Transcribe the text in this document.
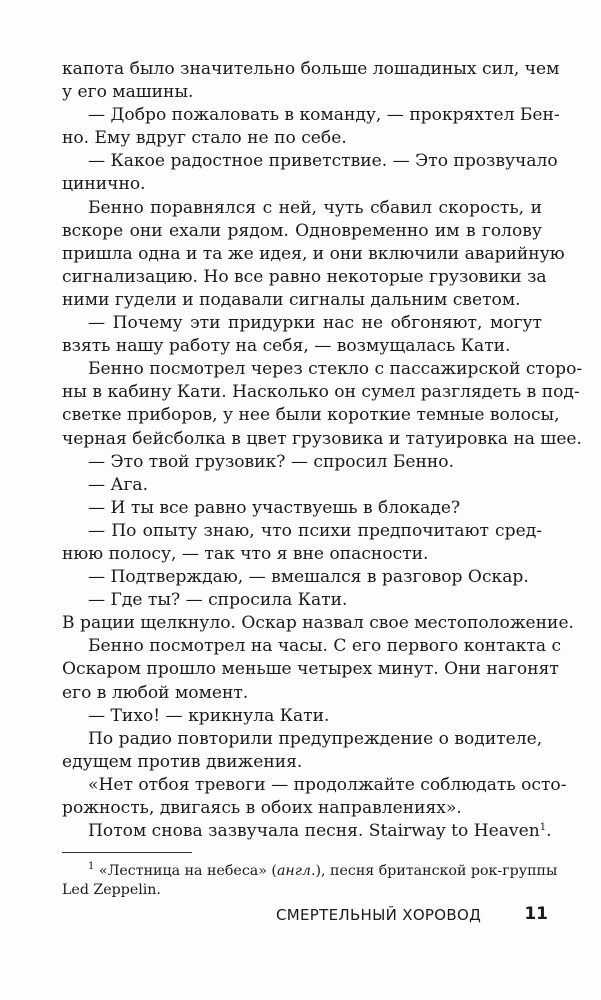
капота было значительно больше лошадиных сил, чем
у его машины.
— Добро пожаловать в команду, — прокряхтел Бен-
но. Ему вдруг стало не по себе.
— Какое радостное приветствие. — Это прозвучало
цинично.
Бенно поравнялся с ней, чуть сбавил скорость, и
вскоре они ехали рядом. Одновременно им в голову
пришла одна и та же идея, и они включили аварийную
сигнализацию. Но все равно некоторые грузовики за
ними гудели и подавали сигналы дальним светом.
— Почему эти придурки нас не обгоняют, могут
взять нашу работу на себя, — возмущалась Кати.
Бенно посмотрел через стекло с пассажирской сторо-
ны в кабину Кати. Насколько он сумел разглядеть в под-
светке приборов, у нее были короткие темные волосы,
черная бейсболка в цвет грузовика и татуировка на шее.
— Это твой грузовик? — спросил Бенно.
— Ага.
— И ты все равно участвуешь в блокаде?
— По опыту знаю, что психи предпочитают сред-
нюю полосу, — так что я вне опасности.
— Подтверждаю, — вмешался в разговор Оскар.
— Где ты? — спросила Кати.
В рации щелкнуло. Оскар назвал свое местоположение.
Бенно посмотрел на часы. С его первого контакта с
Оскаром прошло меньше четырех минут. Они нагонят
его в любой момент.
— Тихо! — крикнула Кати.
По радио повторили предупреждение о водителе,
едущем против движения.
«Нет отбоя тревоги — продолжайте соблюдать осто-
рожность, двигаясь в обоих направлениях».
Потом снова зазвучала песня. Stairway to Heaven$^1$.
$^1$ «Лестница на небеса» (англ.), песня британской рок-группы
Led Zeppelin.
СМЕРТЕЛЬНЫЙ ХОРОВОД	11
